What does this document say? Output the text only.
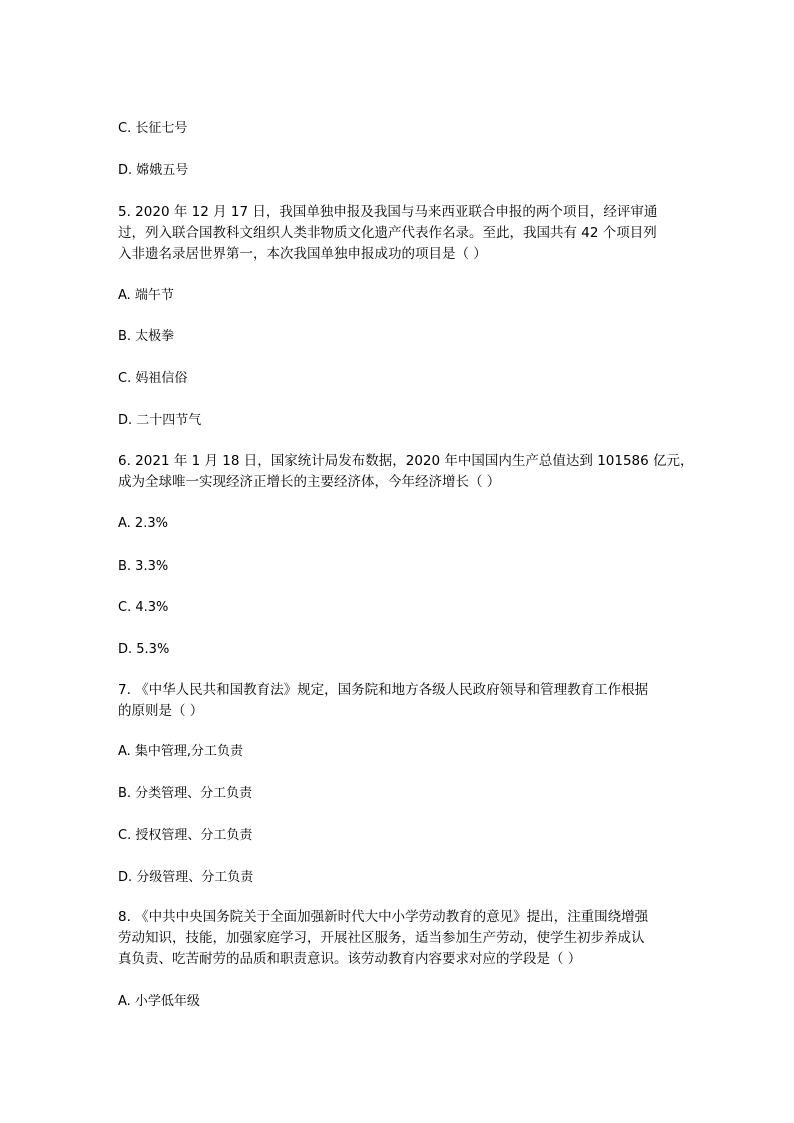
C. 长征七号
D. 嫦娥五号
5. 2020 年 12 月 17 日，我国单独申报及我国与马来西亚联合申报的两个项目，经评审通
过，列入联合国教科文组织人类非物质文化遗产代表作名录。至此，我国共有 42 个项目列
入非遗名录居世界第一，本次我国单独申报成功的项目是（ ）
A. 端午节
B. 太极拳
C. 妈祖信俗
D. 二十四节气
6. 2021 年 1 月 18 日，国家统计局发布数据，2020 年中国国内生产总值达到 101586 亿元，
成为全球唯一实现经济正增长的主要经济体，今年经济增长（ ）
A. 2.3%
B. 3.3%
C. 4.3%
D. 5.3%
7. 《中华人民共和国教育法》规定，国务院和地方各级人民政府领导和管理教育工作根据
的原则是（ ）
A. 集中管理,分工负责
B. 分类管理、分工负责
C. 授权管理、分工负责
D. 分级管理、分工负责
8. 《中共中央国务院关于全面加强新时代大中小学劳动教育的意见》提出，注重围绕增强
劳动知识，技能，加强家庭学习，开展社区服务，适当参加生产劳动，使学生初步养成认
真负责、吃苦耐劳的品质和职责意识。该劳动教育内容要求对应的学段是（ ）
A. 小学低年级
